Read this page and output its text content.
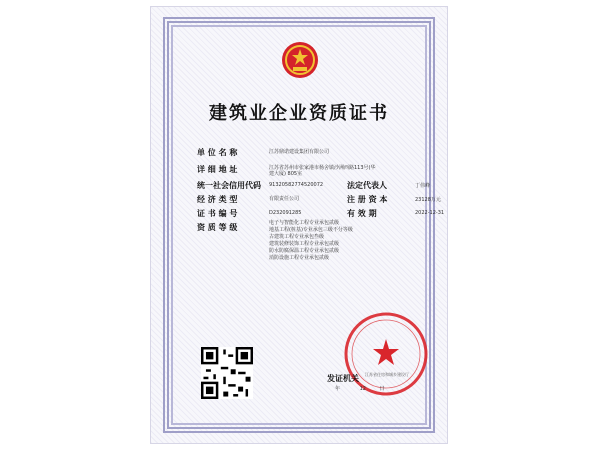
建筑业企业资质证书
单 位 名 称	江苏鼎诺建设集团有限公司
详 细 地 址	江苏省苏州市张家港市杨舍镇沙洲西路113号(华建大厦) 805室
统一社会信用代码	91320582774520072	法定代表人	丁伟峰
经 济 类 型	有限责任公司	注 册 资 本	23128万元
证 书 编 号	D232091285	有 效 期	2022-12-31
资 质 等 级	电子与智能化工程专业承包贰级
地基工程(桩基)专业承包三级不分等级
古建筑工程专业承包叁级
建筑装修装饰工程专业承包贰级
防水防腐保温工程专业承包贰级
消防设施工程专业承包贰级
发证机关 江苏省住房和城乡建设厅
年	12	日
